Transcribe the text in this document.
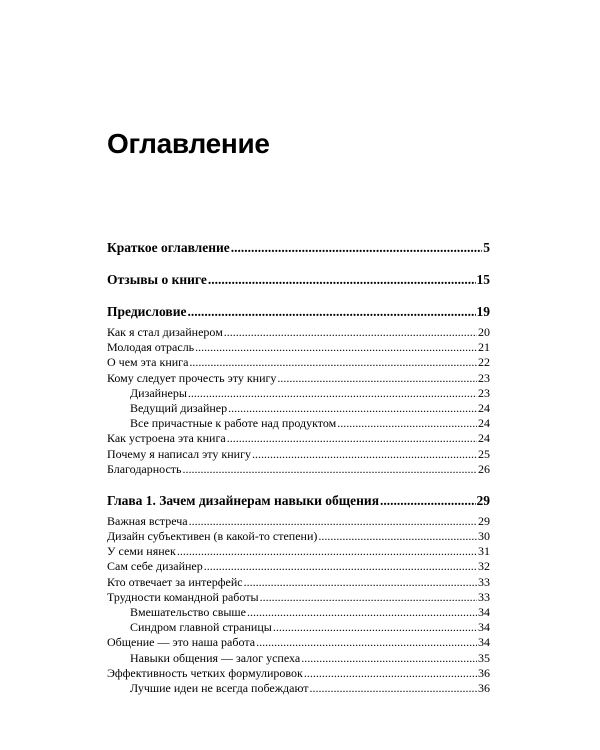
Оглавление
Краткое оглавление .....	5
Отзывы о книге .....	15
Предисловие .....	19
Как я стал дизайнером .....	20
Молодая отрасль .....	21
О чем эта книга .....	22
Кому следует прочесть эту книгу .....	23
Дизайнеры .....	23
Ведущий дизайнер .....	24
Все причастные к работе над продуктом .....	24
Как устроена эта книга .....	24
Почему я написал эту книгу .....	25
Благодарность .....	26
Глава 1. Зачем дизайнерам навыки общения .....	29
Важная встреча .....	29
Дизайн субъективен (в какой-то степени) .....	30
У семи нянек .....	31
Сам себе дизайнер .....	32
Кто отвечает за интерфейс .....	33
Трудности командной работы .....	33
Вмешательство свыше .....	34
Синдром главной страницы .....	34
Общение — это наша работа .....	34
Навыки общения — залог успеха .....	35
Эффективность четких формулировок .....	36
Лучшие идеи не всегда побеждают .....	36
